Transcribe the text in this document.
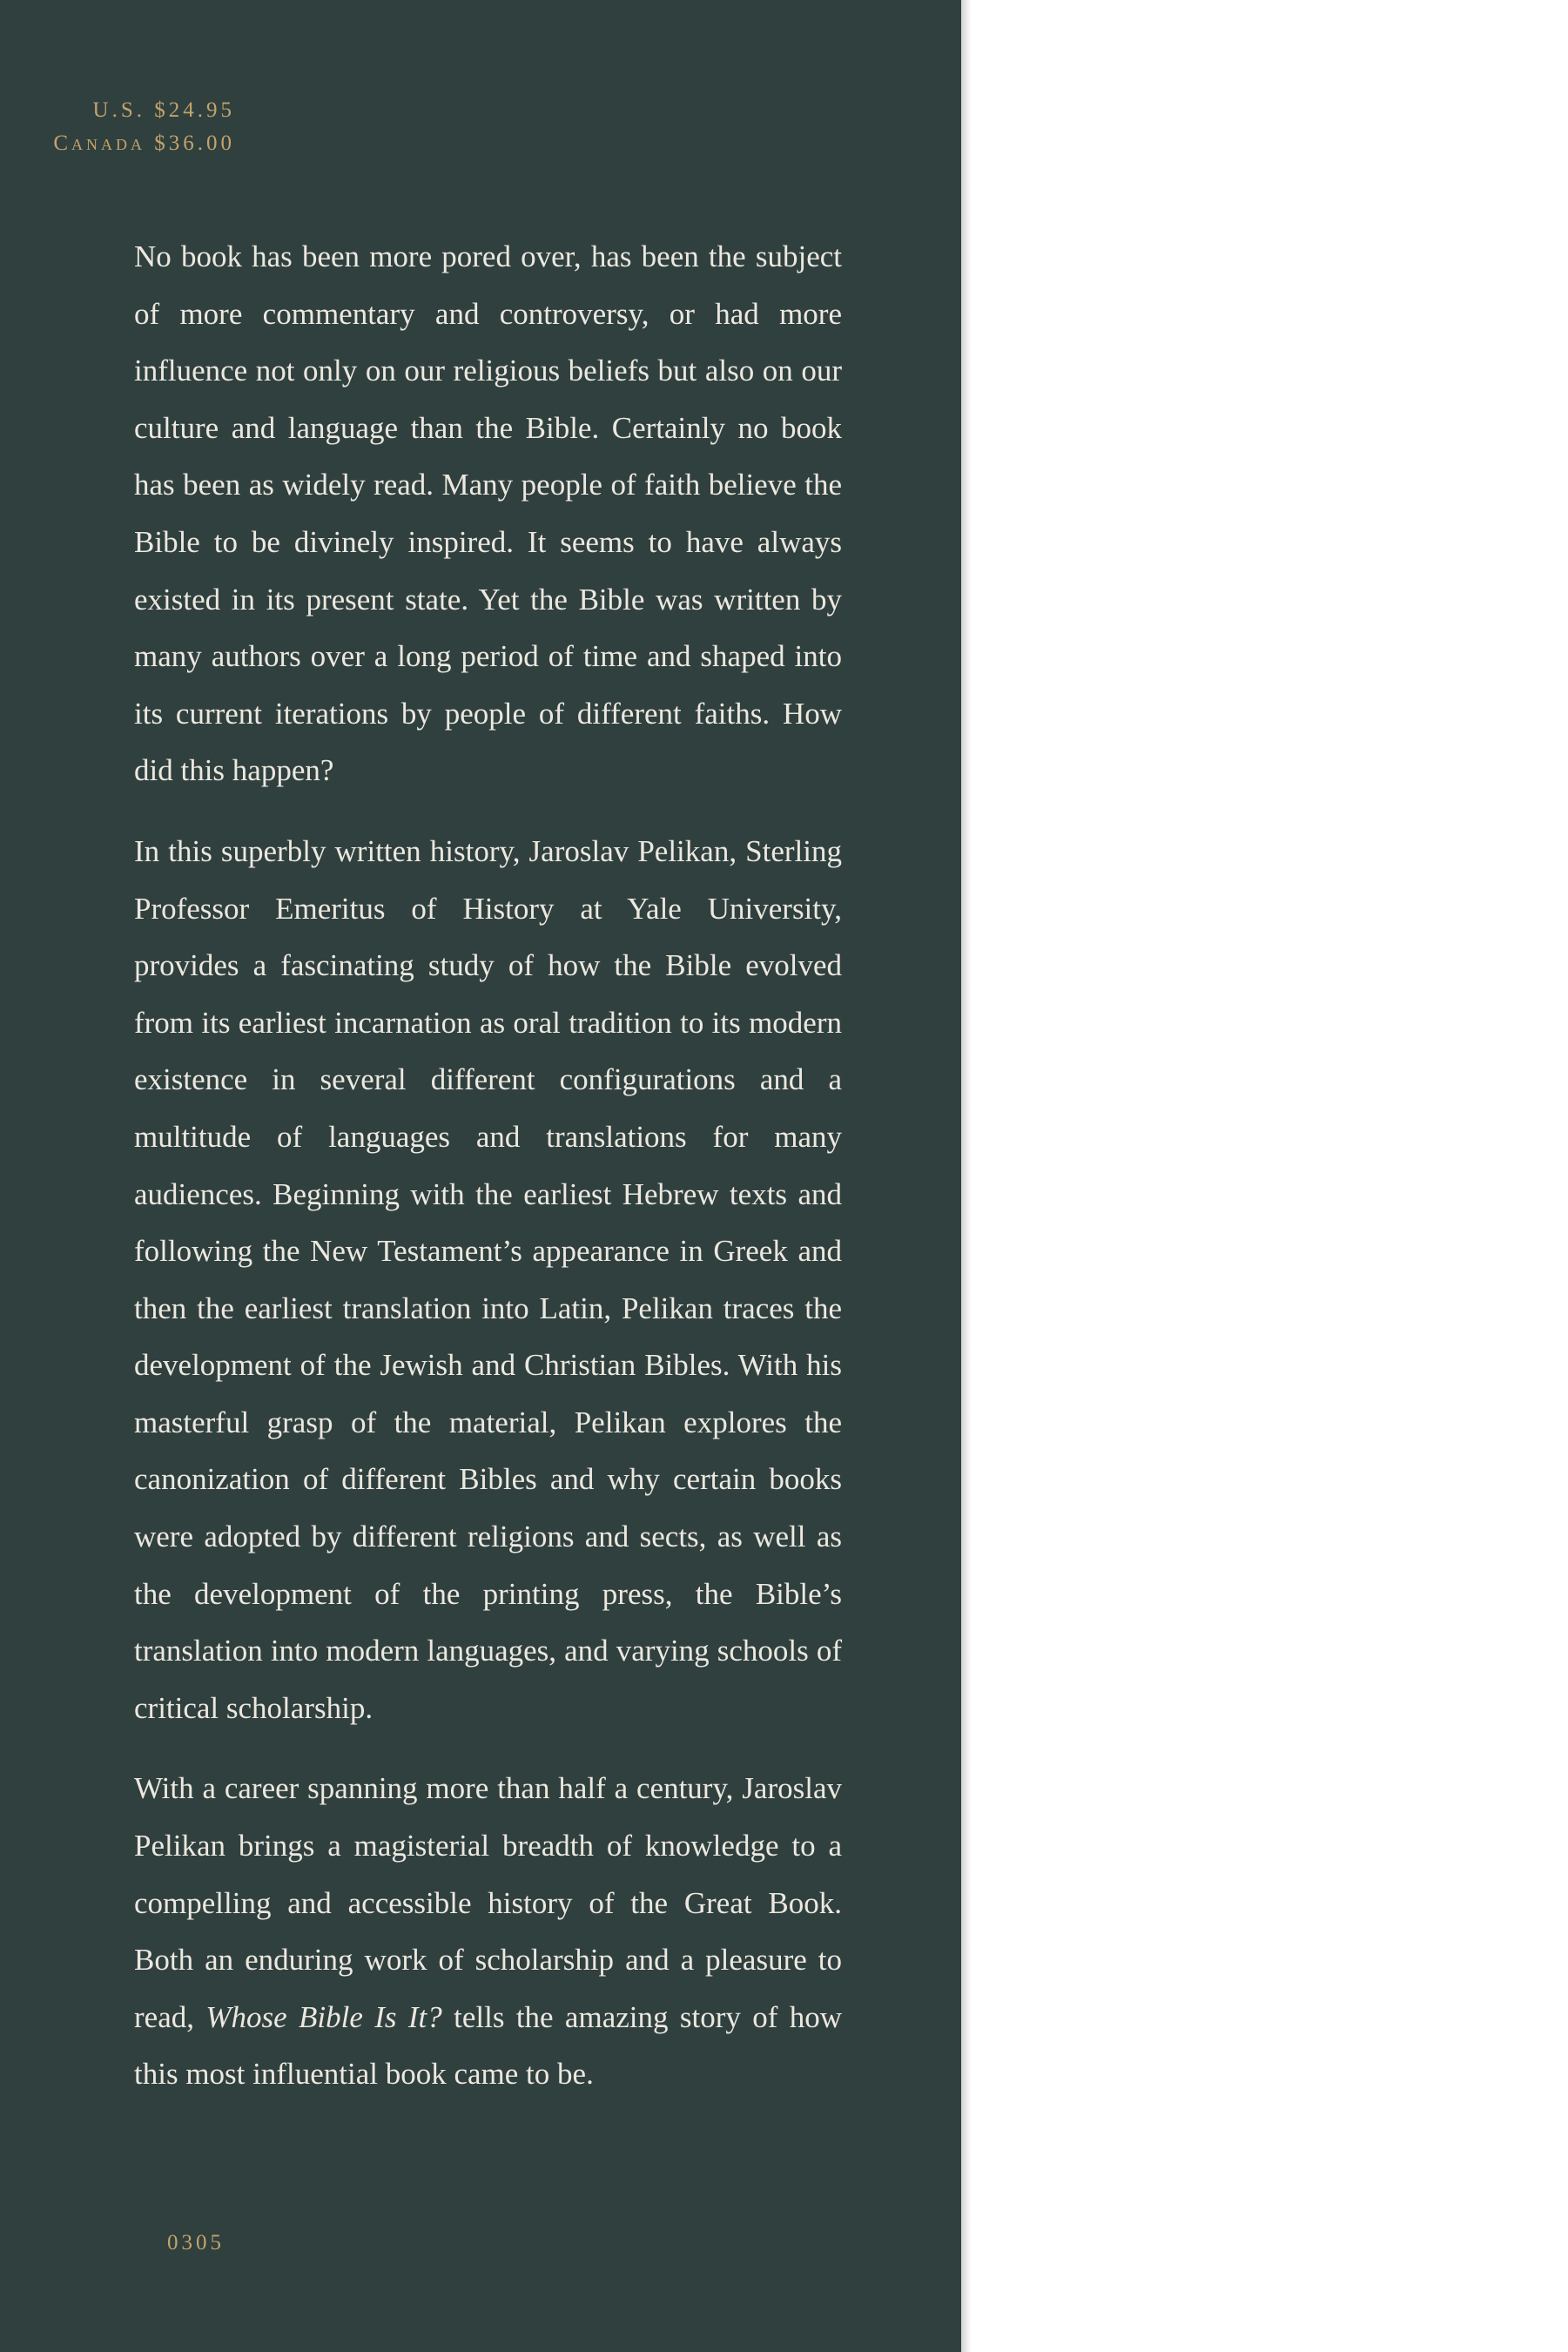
U.S. $24.95
Canada $36.00

No book has been more pored over, has been the subject of more commentary and controversy, or had more influence not only on our religious beliefs but also on our culture and language than the Bible. Certainly no book has been as widely read. Many people of faith believe the Bible to be divinely inspired. It seems to have always existed in its present state. Yet the Bible was written by many authors over a long period of time and shaped into its current iterations by people of different faiths. How did this happen?

In this superbly written history, Jaroslav Pelikan, Sterling Professor Emeritus of History at Yale University, provides a fascinating study of how the Bible evolved from its earliest incarnation as oral tradition to its modern existence in several different configurations and a multitude of languages and translations for many audiences. Beginning with the earliest Hebrew texts and following the New Testament’s appearance in Greek and then the earliest translation into Latin, Pelikan traces the development of the Jewish and Christian Bibles. With his masterful grasp of the material, Pelikan explores the canonization of different Bibles and why certain books were adopted by different religions and sects, as well as the development of the printing press, the Bible’s translation into modern languages, and varying schools of critical scholarship.

With a career spanning more than half a century, Jaroslav Pelikan brings a magisterial breadth of knowledge to a compelling and accessible history of the Great Book. Both an enduring work of scholarship and a pleasure to read, Whose Bible Is It? tells the amazing story of how this most influential book came to be.

0305
